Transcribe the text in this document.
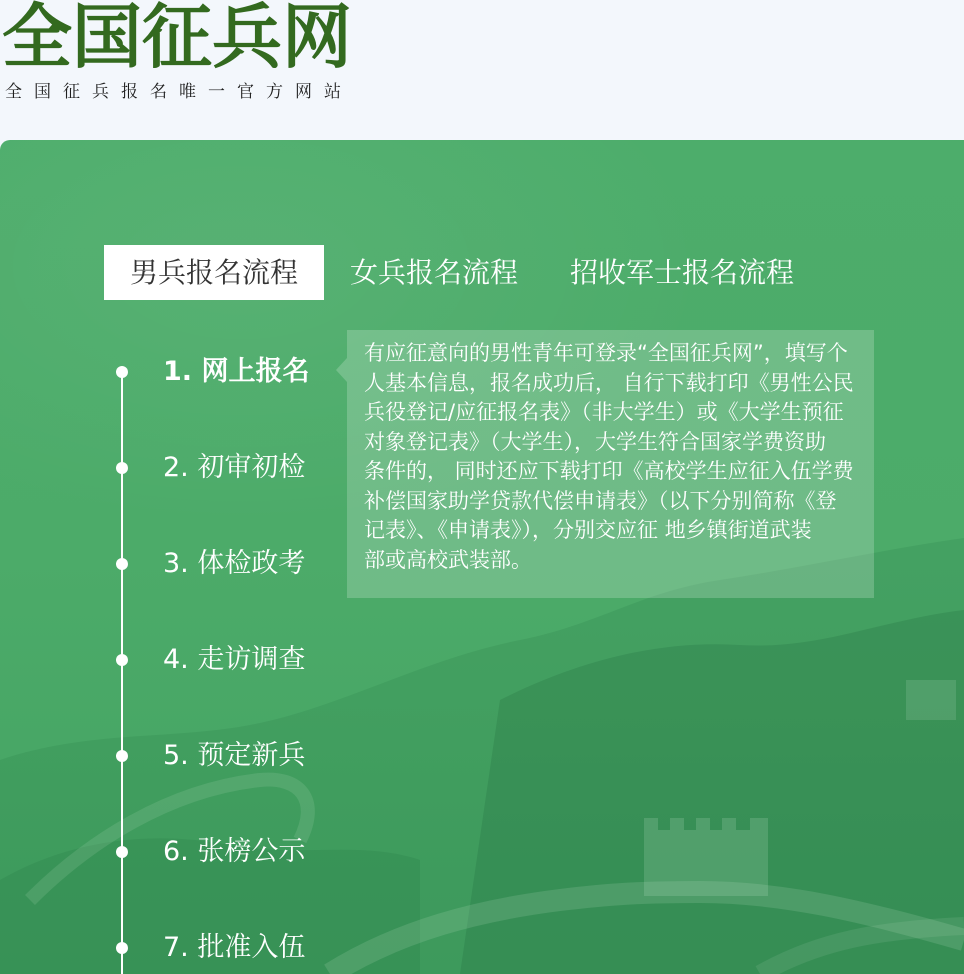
全国征兵网
全国征兵报名唯一官方网站
男兵报名流程	女兵报名流程	招收军士报名流程
1. 网上报名
2. 初审初检
3. 体检政考
4. 走访调查
5. 预定新兵
6. 张榜公示
7. 批准入伍
有应征意向的男性青年可登录“全国征兵网”，填写个
人基本信息，报名成功后， 自行下载打印《男性公民
兵役登记/应征报名表》（非大学生）或《大学生预征
对象登记表》（大学生），大学生符合国家学费资助
条件的， 同时还应下载打印《高校学生应征入伍学费
补偿国家助学贷款代偿申请表》（以下分别简称《登
记表》、《申请表》），分别交应征 地乡镇街道武装
部或高校武装部。
